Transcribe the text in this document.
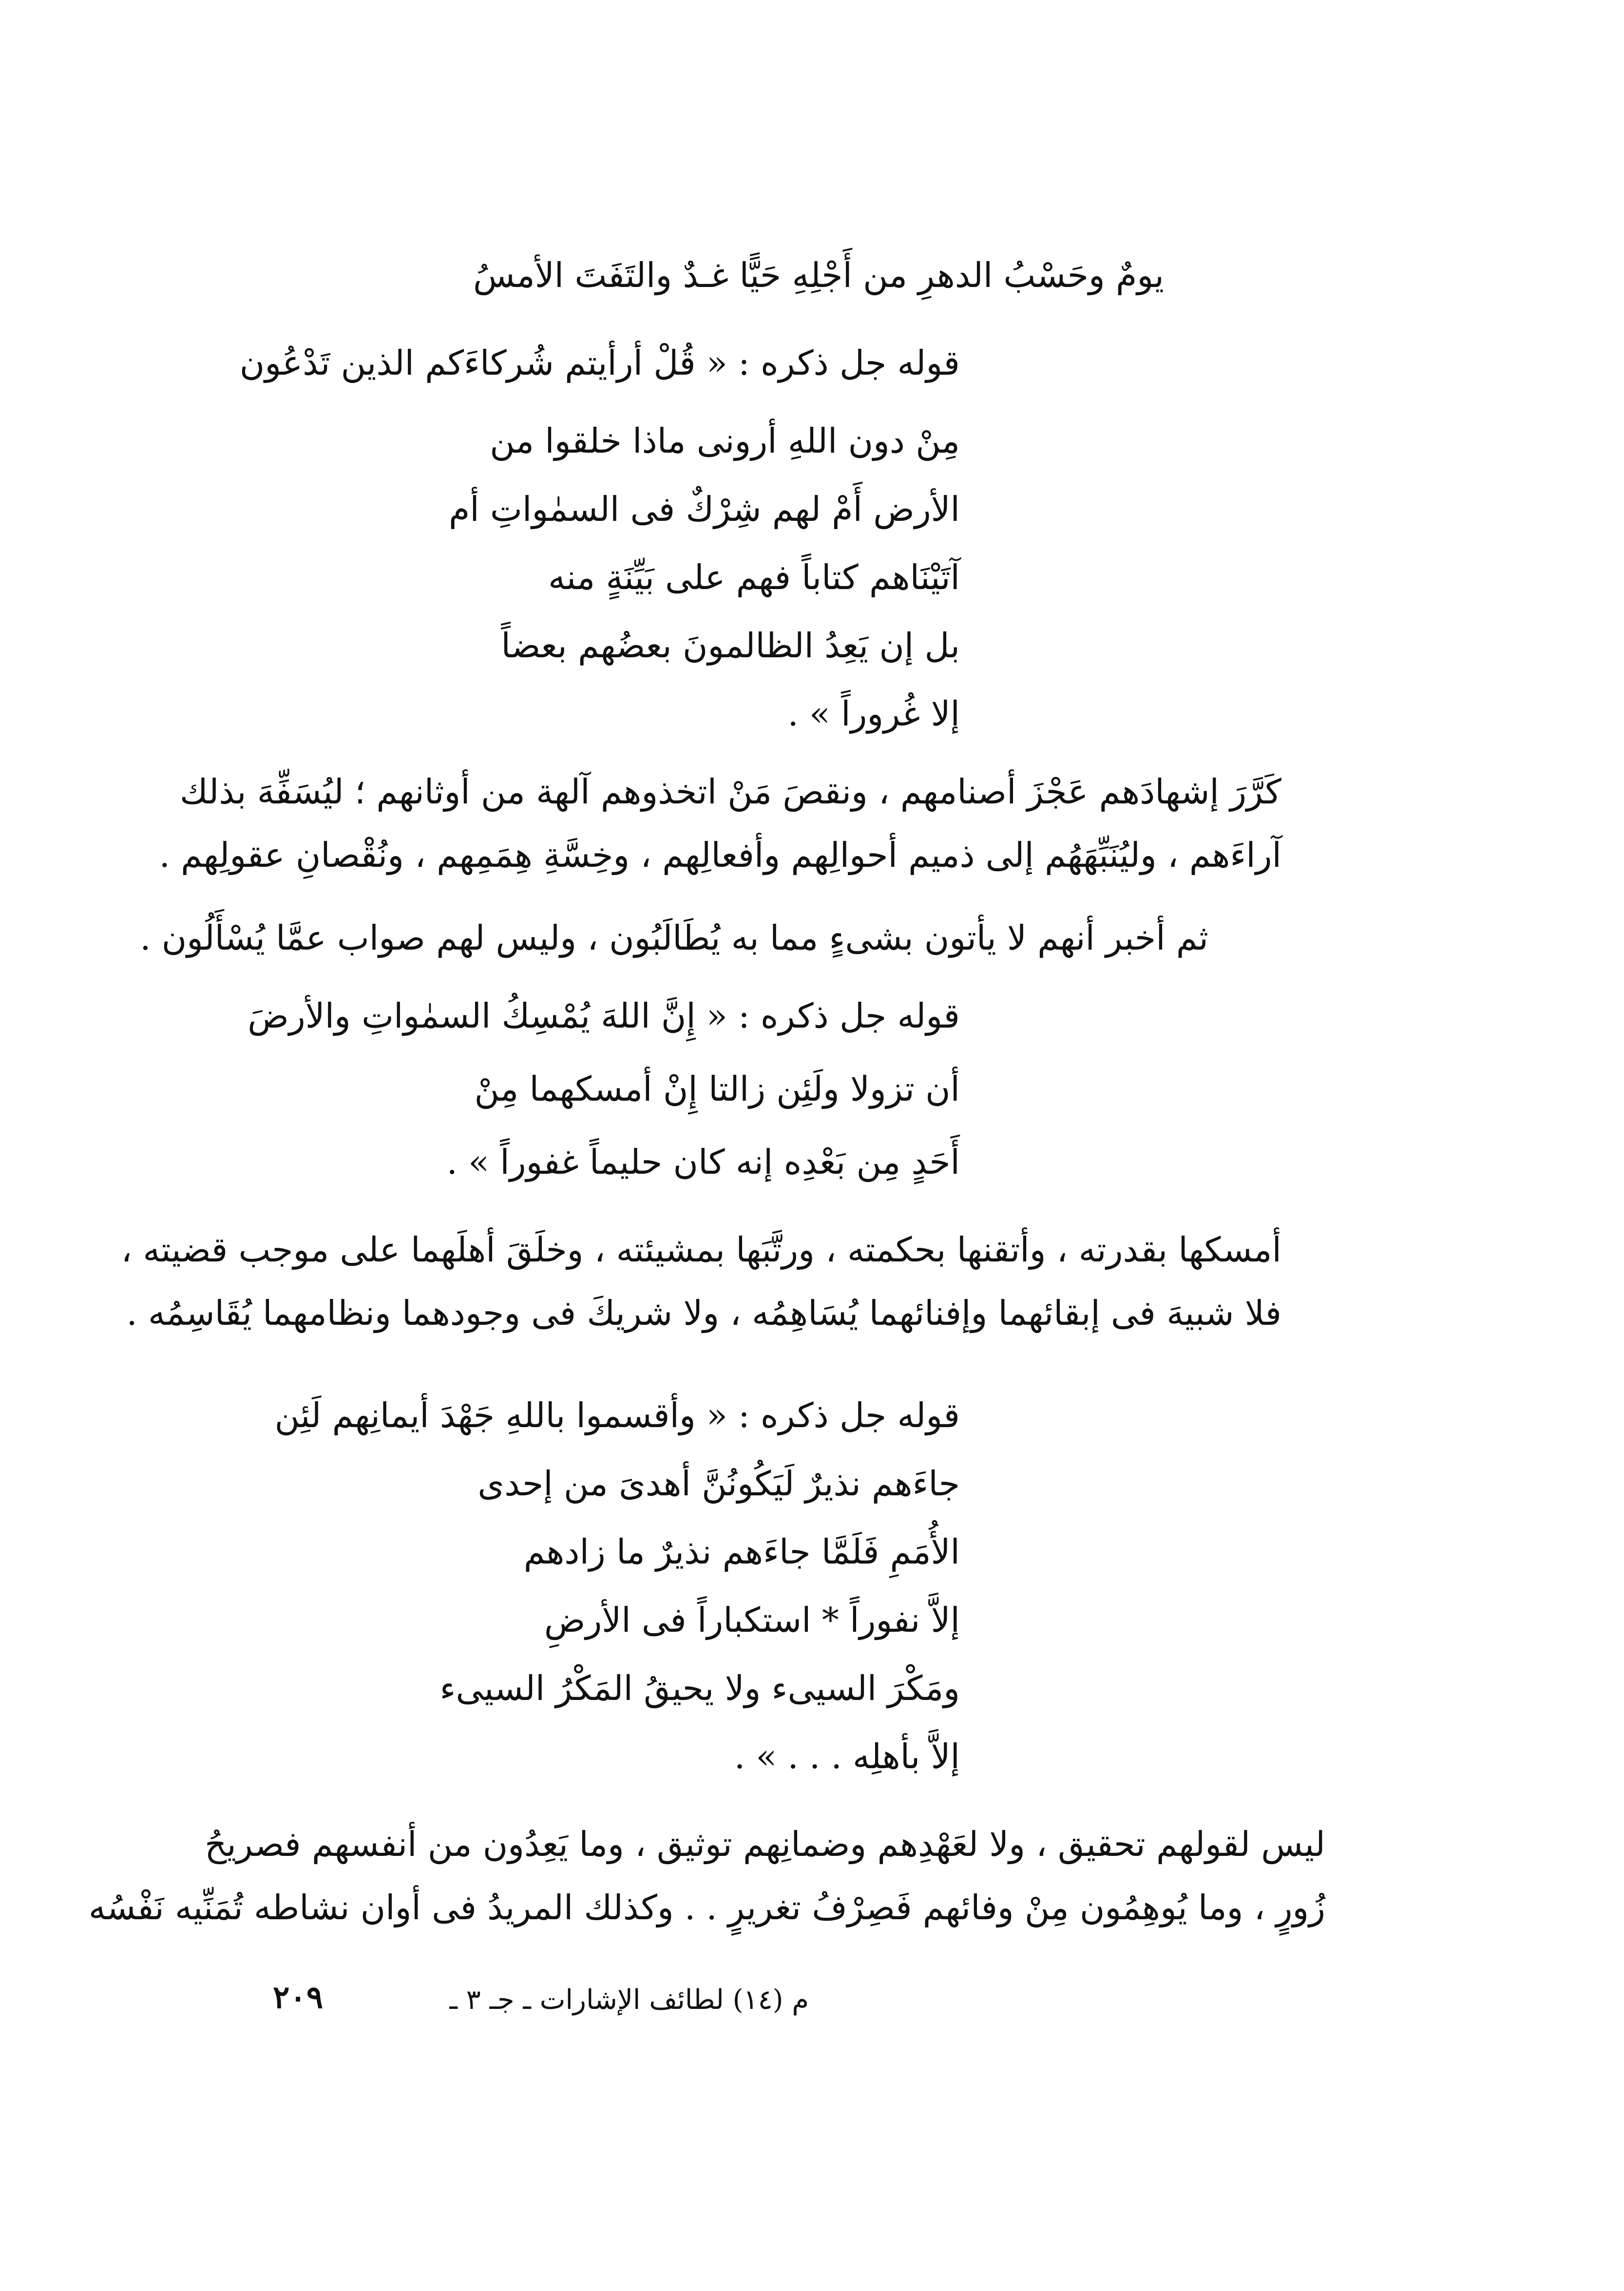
يومٌ وحَسْبُ الدهرِ من أَجْلِهِ حَيًّا غـدٌ والتَفَتَ الأمسُ
قوله جل ذكره : « قُلْ أرأيتم شُركاءَكم الذين تَدْعُون
مِنْ دون اللهِ أرونى ماذا خلقوا من
الأرض أَمْ لهم شِرْكٌ فى السمٰواتِ أم
آتَيْنَاهم كتاباً فهم على بَيِّنَةٍ منه
بل إن يَعِدُ الظالمونَ بعضُهم بعضاً
إلا غُروراً » .
كَرَّرَ إشهادَهم عَجْزَ أصنامهم ، ونقصَ مَنْ اتخذوهم آلهة من أوثانهم ؛ ليُسَفِّهَ بذلك
آراءَهم ، وليُنَبِّهَهُم إلى ذميم أحوالِهم وأفعالِهم ، وخِسَّةِ هِمَمِهم ، ونُقْصانِ عقولِهم .
ثم أخبر أنهم لا يأتون بشىءٍ مما به يُطَالَبُون ، وليس لهم صواب عمَّا يُسْأَلُون .
قوله جل ذكره : « إِنَّ اللهَ يُمْسِكُ السمٰواتِ والأرضَ
أن تزولا ولَئِن زالتا إِنْ أمسكهما مِنْ
أَحَدٍ مِن بَعْدِه إنه كان حليماً غفوراً » .
أمسكها بقدرته ، وأتقنها بحكمته ، ورتَّبَها بمشيئته ، وخلَقَ أهلَهما على موجب قضيته ،
فلا شبيهَ فى إبقائهما وإفنائهما يُسَاهِمُه ، ولا شريكَ فى وجودهما ونظامهما يُقَاسِمُه .
قوله جل ذكره : « وأقسموا باللهِ جَهْدَ أيمانِهم لَئِن
جاءَهم نذيرٌ لَيَكُونُنَّ أهدىَ من إحدى
الأُمَمِ فَلَمَّا جاءَهم نذيرٌ ما زادهم
إلاَّ نفوراً * استكباراً فى الأرضِ
ومَكْرَ السيىء ولا يحيقُ المَكْرُ السيىء
إلاَّ بأهلِه . . . » .
ليس لقولهم تحقيق ، ولا لعَهْدِهم وضمانِهم توثيق ، وما يَعِدُون من أنفسهم فصريحُ
زُورٍ ، وما يُوهِمُون مِنْ وفائهم فَصِرْفُ تغريرٍ . . وكذلك المريدُ فى أوان نشاطه تُمَنِّيه نَفْسُه
م (١٤) لطائف الإشارات ـ جـ ٣ ـ
٢٠٩
